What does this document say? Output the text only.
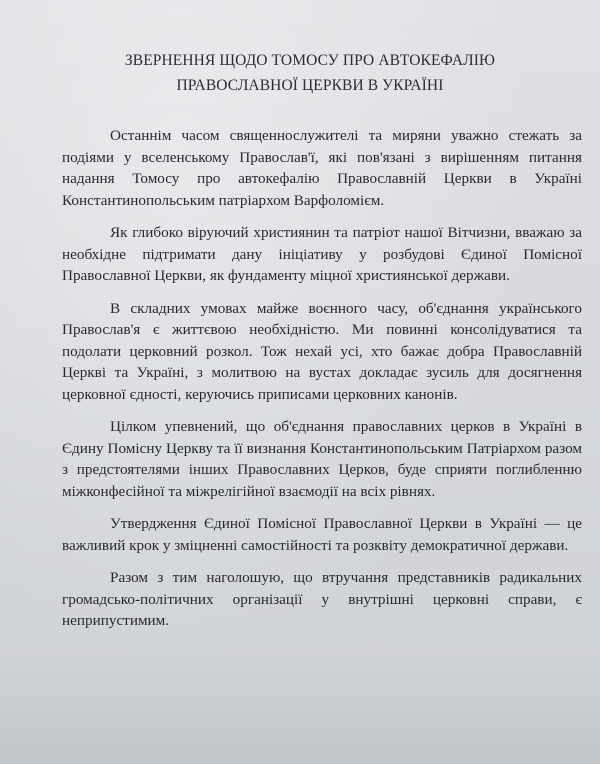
ЗВЕРНЕННЯ ЩОДО ТОМОСУ ПРО АВТОКЕФАЛІЮ
ПРАВОСЛАВНОЇ ЦЕРКВИ В УКРАЇНІ

Останнім часом священнослужителі та миряни уважно стежать за подіями у вселенському Православ'ї, які пов'язані з вирішенням питання надання Томосу про автокефалію Православній Церкви в Україні Константинопольським патріархом Варфоломієм.

Як глибоко віруючий християнин та патріот нашої Вітчизни, вважаю за необхідне підтримати дану ініціативу у розбудові Єдиної Помісної Православної Церкви, як фундаменту міцної християнської держави.

В складних умовах майже воєнного часу, об'єднання українського Православ'я є життєвою необхідністю. Ми повинні консолідуватися та подолати церковний розкол. Тож нехай усі, хто бажає добра Православній Церкві та Україні, з молитвою на вустах докладає зусиль для досягнення церковної єдності, керуючись приписами церковних канонів.

Цілком упевнений, що об'єднання православних церков в Україні в Єдину Помісну Церкву та її визнання Константинопольським Патріархом разом з предстоятелями інших Православних Церков, буде сприяти поглибленню міжконфесійної та міжрелігійної взаємодії на всіх рівнях.

Утвердження Єдиної Помісної Православної Церкви в Україні — це важливий крок у зміцненні самостійності та розквіту демократичної держави.

Разом з тим наголошую, що втручання представників радикальних громадсько-політичних організації у внутрішні церковні справи, є неприпустимим.
